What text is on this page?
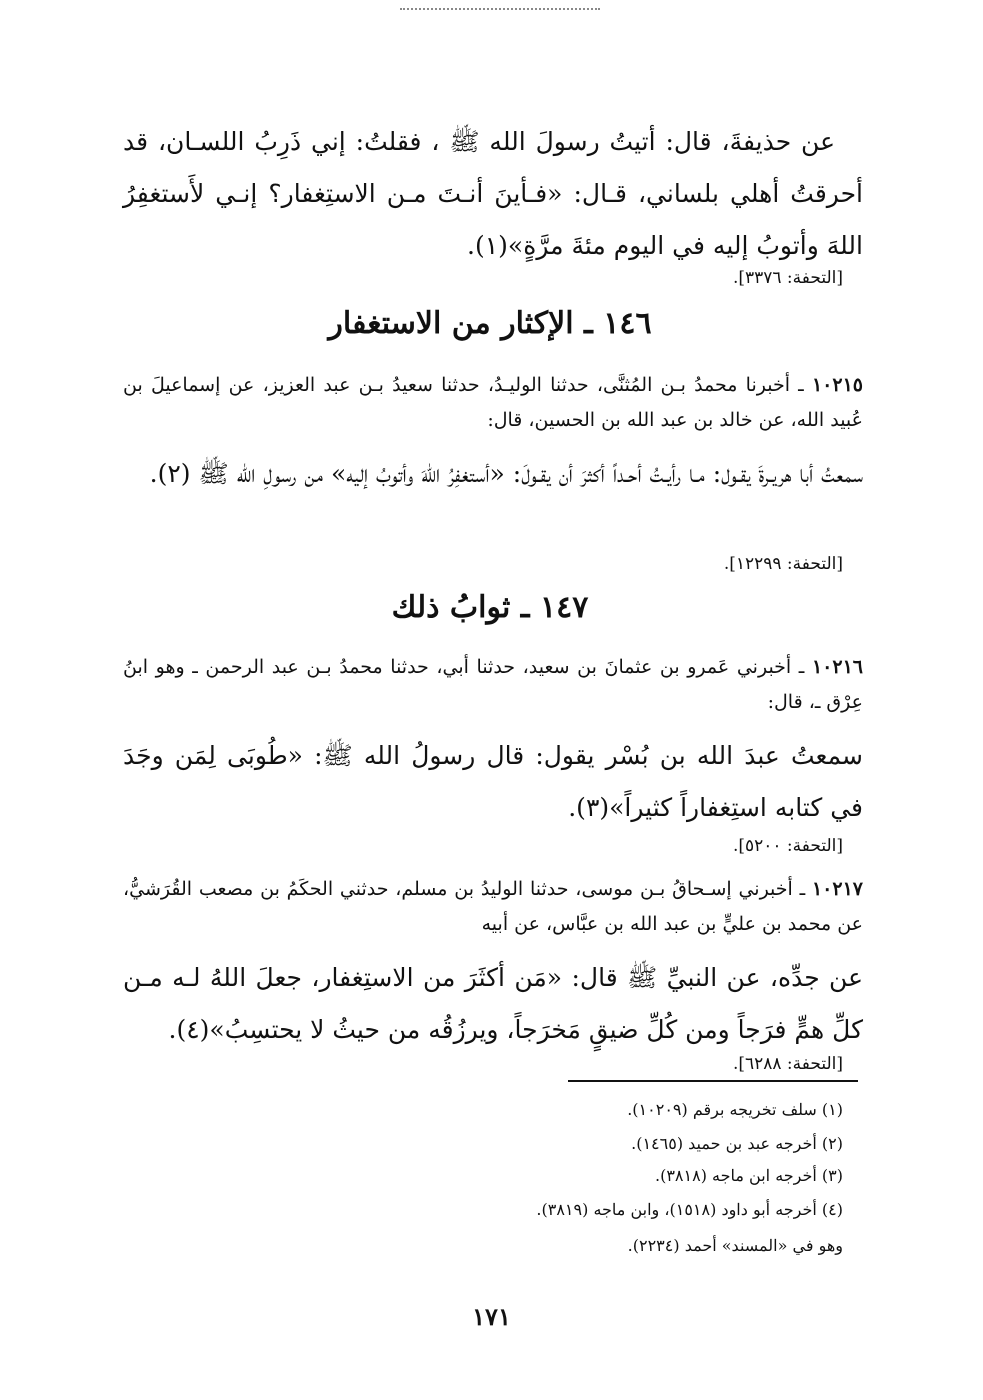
عن حذيفةَ، قال: أتيتُ رسولَ الله ﷺ ، فقلتُ: إني ذَرِبُ اللسـان، قد أحرقتُ أهلي بلساني، قـال: «فـأينَ أنـتَ مـن الاستِغفار؟ إنـي لأَستغفِرُ اللهَ وأتوبُ إليه في اليوم مئةَ مرَّةٍ»(١).
[التحفة: ٣٣٧٦].
١٤٦ ـ الإكثار من الاستغفار
١٠٢١٥ ـ أخبرنا محمدُ بـن المُثنَّى، حدثنا الوليـدُ، حدثنا سعيدُ بـن عبد العزيز، عن إسماعيلَ بن عُبيد الله، عن خالد بن عبد الله بن الحسين، قال:
سمعتُ أبا هريـرةَ يقـول: مـا رأيـتُ أحـداً أكثرَ أن يقـولَ: «أستغفِرُ اللهَ وأتوبُ إليه» من رسولِ الله ﷺ (٢).
[التحفة: ١٢٢٩٩].
١٤٧ ـ ثوابُ ذلك
١٠٢١٦ ـ أخبرني عَمرو بن عثمانَ بن سعيد، حدثنا أبي، حدثنا محمدُ بـن عبد الرحمن ـ وهو ابنُ عِرْق ـ، قال:
سمعتُ عبدَ الله بن بُسْر يقول: قال رسولُ الله ﷺ: «طُوبَى لِمَن وجَدَ في كتابه استِغفاراً كثيراً»(٣).
[التحفة: ٥٢٠٠].
١٠٢١٧ ـ أخبرني إسـحاقُ بـن موسى، حدثنا الوليدُ بن مسلم، حدثني الحكَمُ بن مصعب القُرَشيُّ، عن محمد بن عليٍّ بن عبد الله بن عبَّاس، عن أبيه
عن جدِّه، عن النبيِّ ﷺ قال: «مَن أكثَرَ من الاستِغفار، جعلَ اللهُ لـه مـن كلِّ همٍّ فرَجاً ومن كُلِّ ضيقٍ مَخرَجاً، ويرزُقُه من حيثُ لا يحتسِبُ»(٤).
[التحفة: ٦٢٨٨].
(١) سلف تخريجه برقم (١٠٢٠٩).
(٢) أخرجه عبد بن حميد (١٤٦٥).
(٣) أخرجه ابن ماجه (٣٨١٨).
(٤) أخرجه أبو داود (١٥١٨)، وابن ماجه (٣٨١٩).
وهو في «المسند» أحمد (٢٢٣٤).
١٧١
